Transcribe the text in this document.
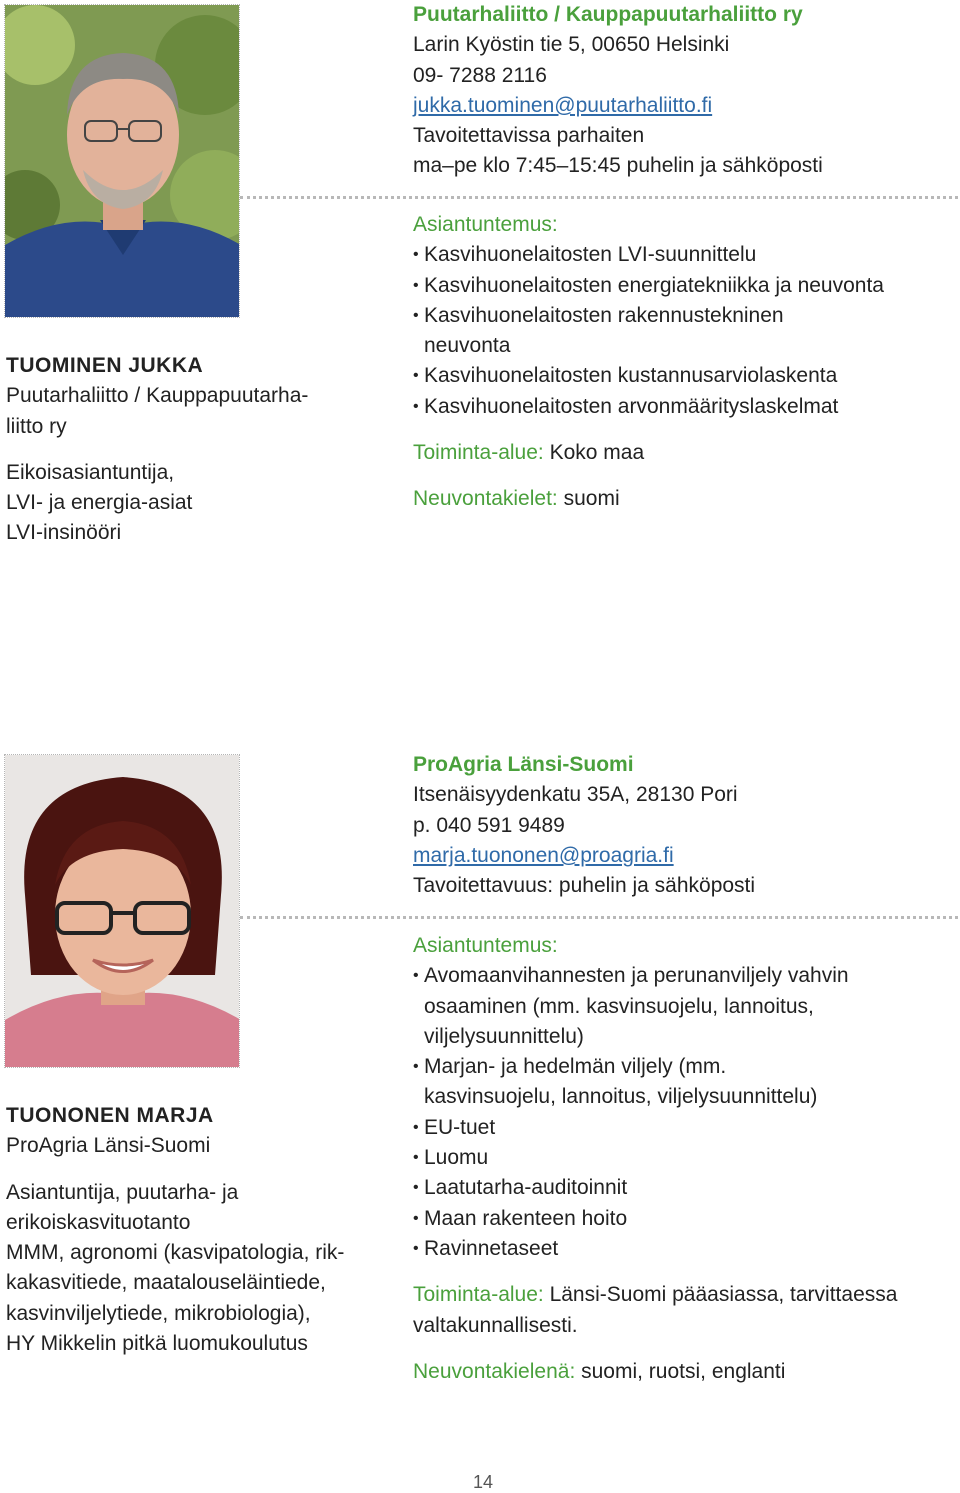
TUOMINEN JUKKA
Puutarhaliitto / Kauppapuutarha-
liitto ry
Eikoisasiantuntija,
LVI- ja energia-asiat
LVI-insinööri
Puutarhaliitto / Kauppapuutarhaliitto ry
Larin Kyöstin tie 5, 00650 Helsinki
09- 7288 2116
jukka.tuominen@puutarhaliitto.fi
Tavoitettavissa parhaiten
ma–pe klo 7:45–15:45 puhelin ja sähköposti
Asiantuntemus:
• Kasvihuonelaitosten LVI-suunnittelu
• Kasvihuonelaitosten energiatekniikka ja neuvonta
• Kasvihuonelaitosten rakennustekninen neuvonta
• Kasvihuonelaitosten kustannusarviolaskenta
• Kasvihuonelaitosten arvonmäärityslaskelmat
Toiminta-alue: Koko maa
Neuvontakielet: suomi
TUONONEN MARJA
ProAgria Länsi-Suomi
Asiantuntija, puutarha- ja
erikoiskasvituotanto
MMM, agronomi (kasvipatologia, rik-
kakasvitiede, maatalouseläintiede,
kasvinviljelytiede, mikrobiologia),
HY Mikkelin pitkä luomukoulutus
ProAgria Länsi-Suomi
Itsenäisyydenkatu 35A, 28130 Pori
p. 040 591 9489
marja.tuononen@proagria.fi
Tavoitettavuus: puhelin ja sähköposti
Asiantuntemus:
• Avomaanvihannesten ja perunanviljely vahvin osaaminen (mm. kasvinsuojelu, lannoitus, viljelysuunnittelu)
• Marjan- ja hedelmän viljely (mm. kasvinsuojelu, lannoitus, viljelysuunnittelu)
• EU-tuet
• Luomu
• Laatutarha-auditoinnit
• Maan rakenteen hoito
• Ravinnetaseet
Toiminta-alue: Länsi-Suomi pääasiassa, tarvittaessa valtakunnallisesti.
Neuvontakielenä: suomi, ruotsi, englanti
14
